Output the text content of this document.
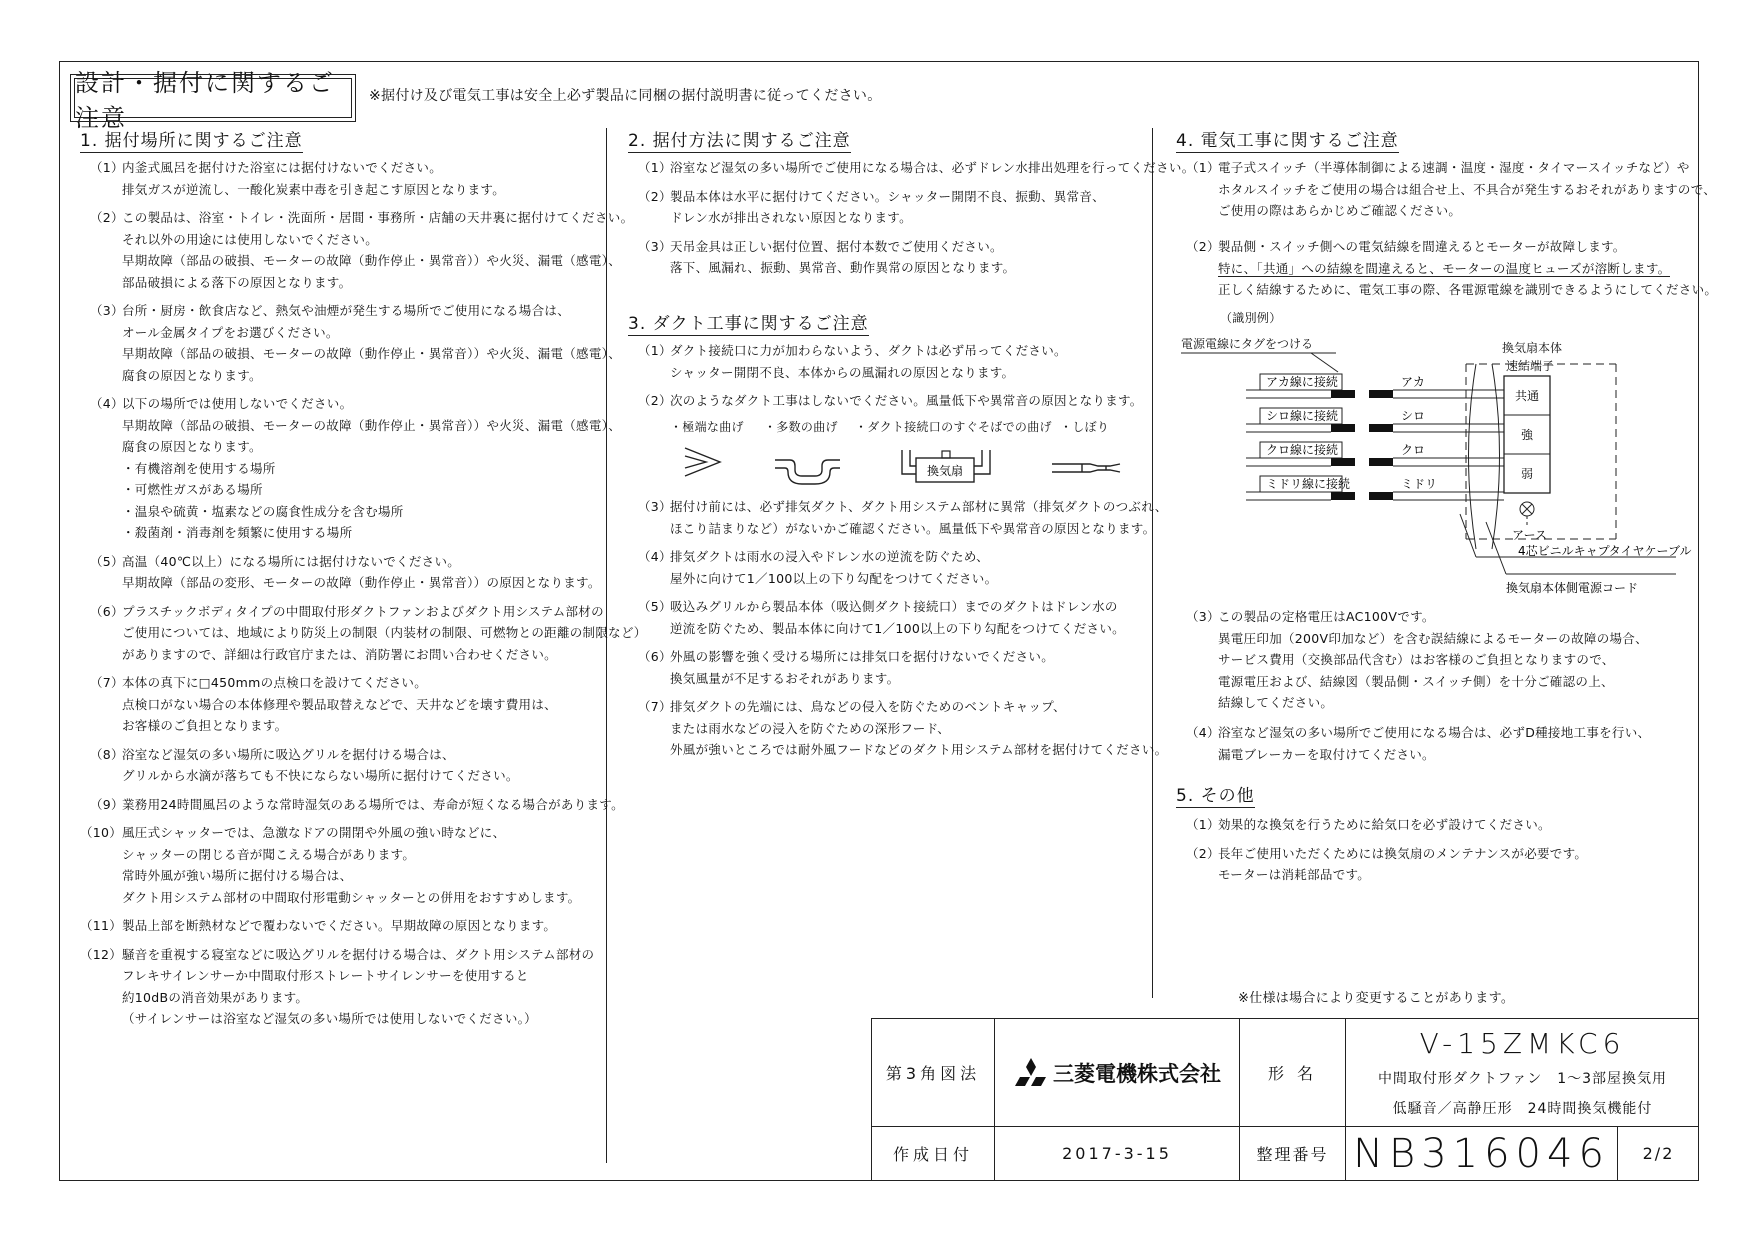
設計・据付に関するご注意
※据付け及び電気工事は安全上必ず製品に同梱の据付説明書に従ってください。
1. 据付場所に関するご注意
（1）内釜式風呂を据付けた浴室には据付けないでください。
排気ガスが逆流し、一酸化炭素中毒を引き起こす原因となります。
（2）この製品は、浴室・トイレ・洗面所・居間・事務所・店舗の天井裏に据付けてください。
それ以外の用途には使用しないでください。
早期故障（部品の破損、モーターの故障（動作停止・異常音））や火災、漏電（感電）、
部品破損による落下の原因となります。
（3）台所・厨房・飲食店など、熱気や油煙が発生する場所でご使用になる場合は、
オール金属タイプをお選びください。
早期故障（部品の破損、モーターの故障（動作停止・異常音））や火災、漏電（感電）、
腐食の原因となります。
（4）以下の場所では使用しないでください。
早期故障（部品の破損、モーターの故障（動作停止・異常音））や火災、漏電（感電）、
腐食の原因となります。
・有機溶剤を使用する場所
・可燃性ガスがある場所
・温泉や硫黄・塩素などの腐食性成分を含む場所
・殺菌剤・消毒剤を頻繁に使用する場所
（5）高温（40℃以上）になる場所には据付けないでください。
早期故障（部品の変形、モーターの故障（動作停止・異常音））の原因となります。
（6）プラスチックボディタイプの中間取付形ダクトファンおよびダクト用システム部材の
ご使用については、地域により防災上の制限（内装材の制限、可燃物との距離の制限など）
がありますので、詳細は行政官庁または、消防署にお問い合わせください。
（7）本体の真下に□450mmの点検口を設けてください。
点検口がない場合の本体修理や製品取替えなどで、天井などを壊す費用は、
お客様のご負担となります。
（8）浴室など湿気の多い場所に吸込グリルを据付ける場合は、
グリルから水滴が落ちても不快にならない場所に据付けてください。
（9）業務用24時間風呂のような常時湿気のある場所では、寿命が短くなる場合があります。
（10）風圧式シャッターでは、急激なドアの開閉や外風の強い時などに、
シャッターの閉じる音が聞こえる場合があります。
常時外風が強い場所に据付ける場合は、
ダクト用システム部材の中間取付形電動シャッターとの併用をおすすめします。
（11）製品上部を断熱材などで覆わないでください。早期故障の原因となります。
（12）騒音を重視する寝室などに吸込グリルを据付ける場合は、ダクト用システム部材の
フレキサイレンサーか中間取付形ストレートサイレンサーを使用すると
約10dBの消音効果があります。
（サイレンサーは浴室など湿気の多い場所では使用しないでください。）
2. 据付方法に関するご注意
（1）浴室など湿気の多い場所でご使用になる場合は、必ずドレン水排出処理を行ってください。
（2）製品本体は水平に据付けてください。シャッター開閉不良、振動、異常音、
ドレン水が排出されない原因となります。
（3）天吊金具は正しい据付位置、据付本数でご使用ください。
落下、風漏れ、振動、異常音、動作異常の原因となります。
3. ダクト工事に関するご注意
（1）ダクト接続口に力が加わらないよう、ダクトは必ず吊ってください。
シャッター開閉不良、本体からの風漏れの原因となります。
（2）次のようなダクト工事はしないでください。風量低下や異常音の原因となります。
・極端な曲げ ・多数の曲げ ・ダクト接続口のすぐそばでの曲げ ・しぼり
換気扇
（3）据付け前には、必ず排気ダクト、ダクト用システム部材に異常（排気ダクトのつぶれ、
ほこり詰まりなど）がないかご確認ください。風量低下や異常音の原因となります。
（4）排気ダクトは雨水の浸入やドレン水の逆流を防ぐため、
屋外に向けて1／100以上の下り勾配をつけてください。
（5）吸込みグリルから製品本体（吸込側ダクト接続口）までのダクトはドレン水の
逆流を防ぐため、製品本体に向けて1／100以上の下り勾配をつけてください。
（6）外風の影響を強く受ける場所には排気口を据付けないでください。
換気風量が不足するおそれがあります。
（7）排気ダクトの先端には、鳥などの侵入を防ぐためのベントキャップ、
または雨水などの浸入を防ぐための深形フード、
外風が強いところでは耐外風フードなどのダクト用システム部材を据付けてください。
4. 電気工事に関するご注意
（1）電子式スイッチ（半導体制御による速調・温度・湿度・タイマースイッチなど）や
ホタルスイッチをご使用の場合は組合せ上、不具合が発生するおそれがありますので、
ご使用の際はあらかじめご確認ください。
（2）製品側・スイッチ側への電気結線を間違えるとモーターが故障します。
特に、「共通」への結線を間違えると、モーターの温度ヒューズが溶断します。
正しく結線するために、電気工事の際、各電源電線を識別できるようにしてください。
（識別例）
電源電線にタグをつける	換気扇本体
速結端子
アカ線に接続	アカ
共通
シロ線に接続	シロ
強
クロ線に接続	クロ
弱
ミドリ線に接続	ミドリ
アース
4芯ビニルキャプタイヤケーブル
換気扇本体側電源コード
（3）この製品の定格電圧はAC100Vです。
異電圧印加（200V印加など）を含む誤結線によるモーターの故障の場合、
サービス費用（交換部品代含む）はお客様のご負担となりますので、
電源電圧および、結線図（製品側・スイッチ側）を十分ご確認の上、
結線してください。
（4）浴室など湿気の多い場所でご使用になる場合は、必ずD種接地工事を行い、
漏電ブレーカーを取付けてください。
5. その他
（1）効果的な換気を行うために給気口を必ず設けてください。
（2）長年ご使用いただくためには換気扇のメンテナンスが必要です。
モーターは消耗部品です。
※仕様は場合により変更することがあります。
第3角図法	三菱電機株式会社	形 名
V-15ZMKC6
中間取付形ダクトファン　1～3部屋換気用
低騒音／高静圧形　24時間換気機能付
作成日付	2017-3-15	整理番号 NB316046	2/2
